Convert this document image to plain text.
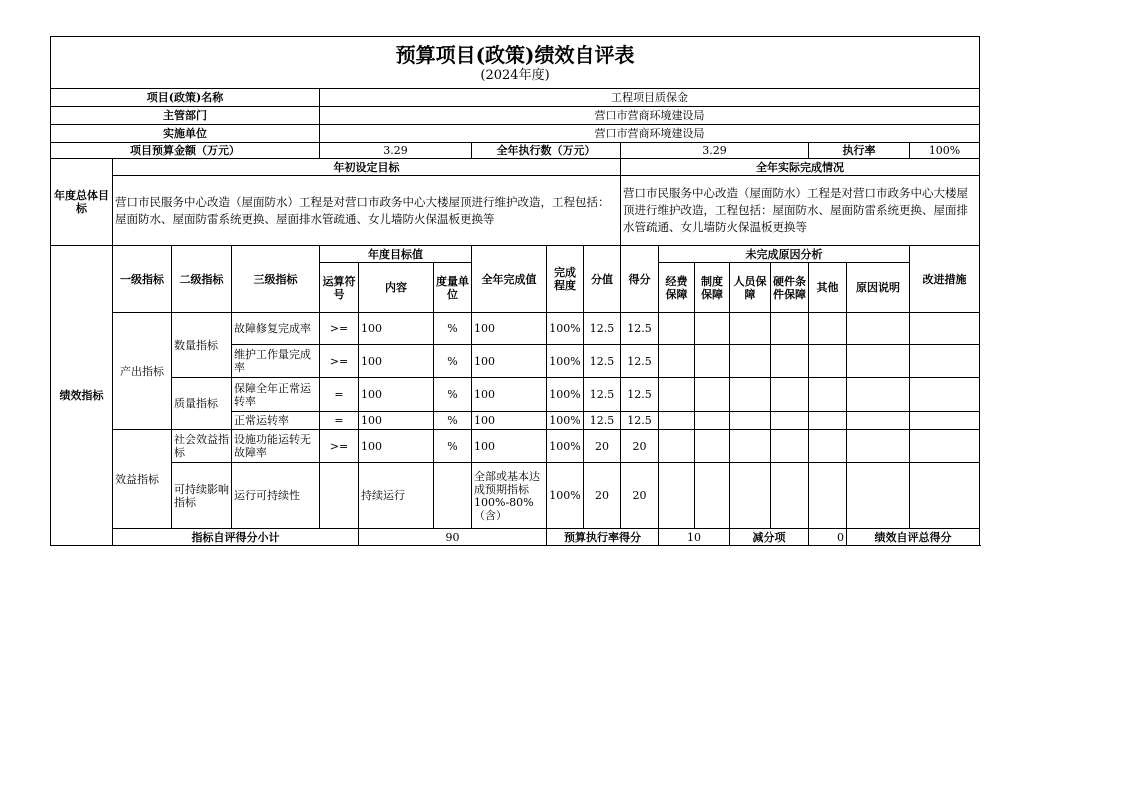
预算项目(政策)绩效自评表
(2024年度)																		

项目(政策)名称				工程项目质保金														
主管部门				营口市营商环境建设局														
实施单位				营口市营商环境建设局														
项目预算金额（万元）				3.29			全年执行数（万元）			3.29					执行率		100%	
年度总体目标	年初设定目标									全年实际完成情况								
	营口市民服务中心改造（屋面防水）工程是对营口市政务中心大楼屋顶进行维护改造，工程包括：屋面防水、屋面防雷系统更换、屋面排水管疏通、女儿墙防火保温板更换等									营口市民服务中心改造（屋面防水）工程是对营口市政务中心大楼屋顶进行维护改造，工程包括：屋面防水、屋面防雷系统更换、屋面排水管疏通、女儿墙防火保温板更换等								
绩效指标	一级指标	二级指标	三级指标	年度目标值			全年完成值	完成程度	分值	得分	未完成原因分析						改进措施	
				运算符号	内容	度量单位					经费保障	制度保障	人员保障	硬件条件保障	其他	原因说明		
	产出指标	数量指标	故障修复完成率	>=	100	%	100	100%	12.5	12.5								
			维护工作量完成率	>=	100	%	100	100%	12.5	12.5								
		质量指标	保障全年正常运转率	=	100	%	100	100%	12.5	12.5								
			正常运转率	=	100	%	100	100%	12.5	12.5								
	效益指标	社会效益指标	设施功能运转无故障率	>=	100	%	100	100%	20	20								
		可持续影响指标	运行可持续性		持续运行		全部或基本达成预期指标100%-80%（含）	100%	20	20								
	指标自评得分小计				90			预算执行率得分			10		减分项		0	绩效自评总得分	
